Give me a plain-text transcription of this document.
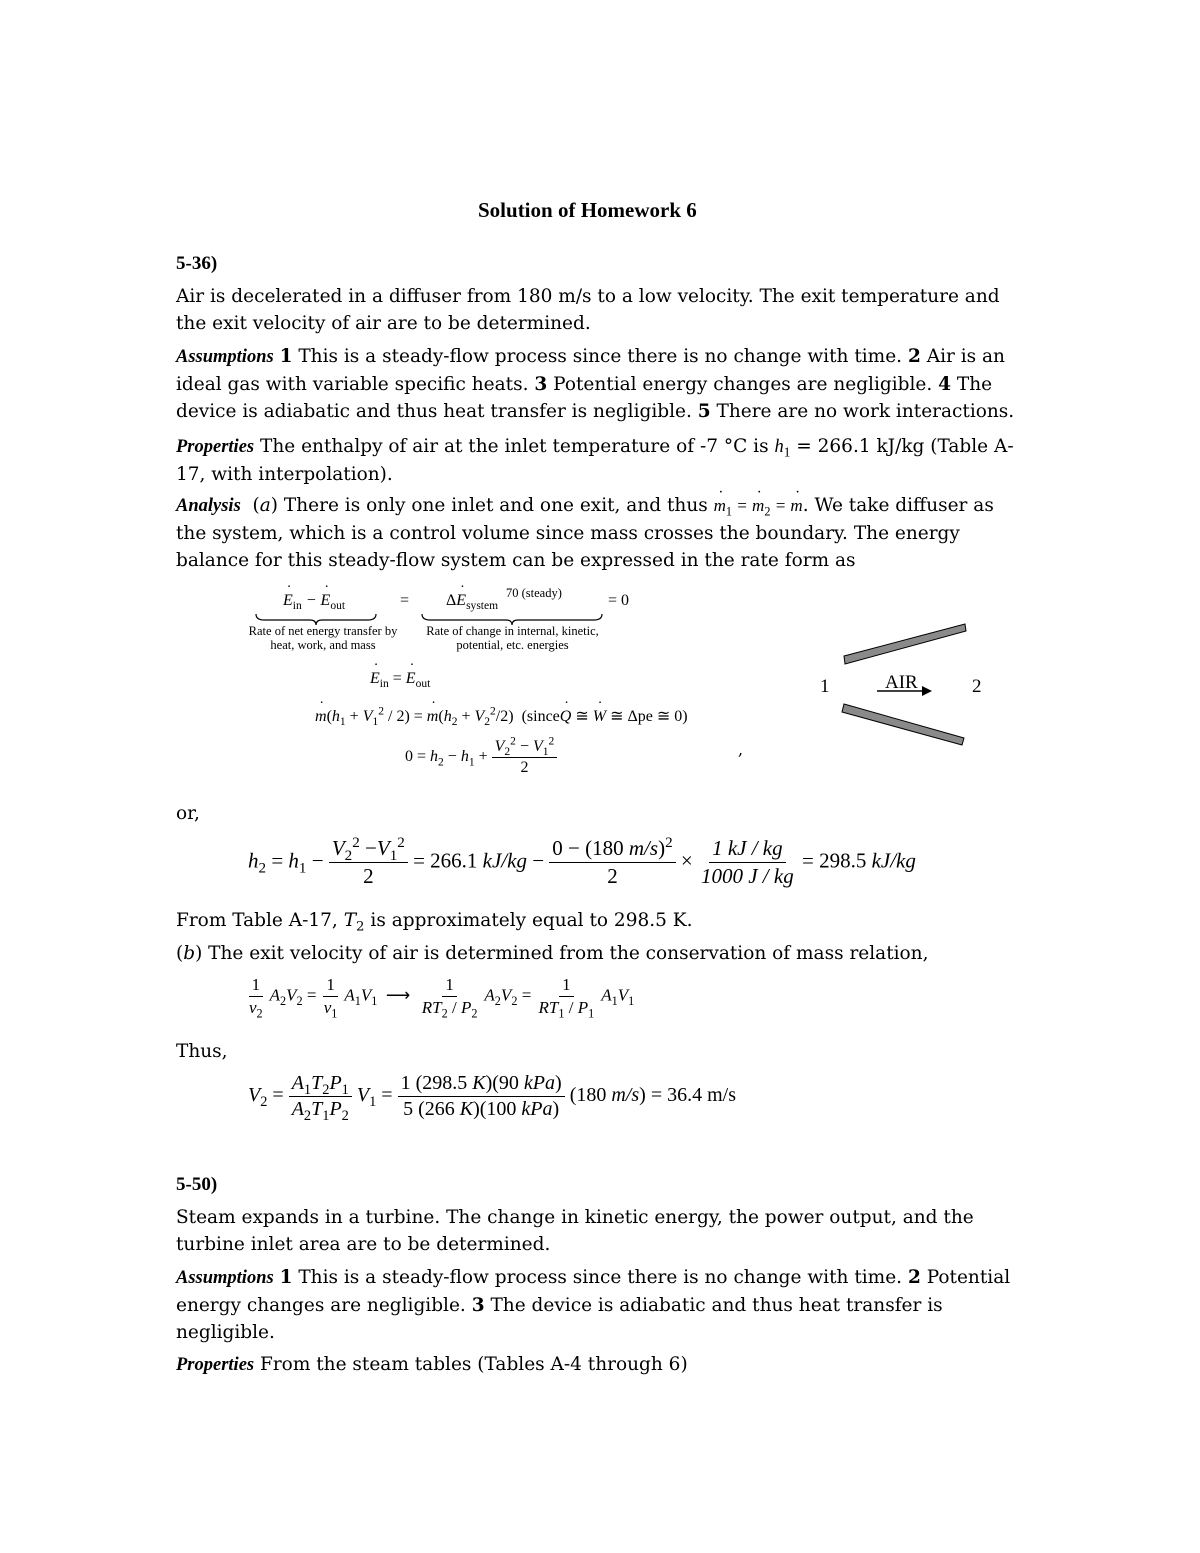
Solution of Homework 6
5-36)
Air is decelerated in a diffuser from 180 m/s to a low velocity. The exit temperature and the exit velocity of air are to be determined.
Assumptions 1 This is a steady-flow process since there is no change with time. 2 Air is an ideal gas with variable specific heats. 3 Potential energy changes are negligible. 4 The device is adiabatic and thus heat transfer is negligible. 5 There are no work interactions.
Properties The enthalpy of air at the inlet temperature of -7 °C is $h_1 = 266.1$ kJ/kg (Table A-17, with interpolation).
Analysis (a) There is only one inlet and one exit, and thus ˙ $m_1$ = ˙ $m_2$ = ˙ m. We take diffuser as the system, which is a control volume since mass crosses the boundary. The energy balance for this steady-flow system can be expressed in the rate form as
˙ $E_{in}$ − ˙ $E_{out}$
Rate of net energy transfer by heat, work, and mass
= Δ˙ $E_{system}$
70 (steady)
Rate of change in internal, kinetic, potential, etc. energies
= 0
˙ $E_{in}$ = ˙ $E_{out}$
˙ $m(h_1 + V_1^2 / 2)$ = ˙ $m(h_2 + V_2^2/2)$ (since˙ Q ≅ ˙ W ≅ Δpe ≅ 0)
$0 = h_2 - h_1 + \frac{V_2^2 - V_1^2}{2}$
1	AIR	2
,
or,
$h_2 = h_1 - \frac{V_2^2 -V_1^2}{2} = 266.1$ $kJ/kg - \frac{0 - (180 m/s)^2}{2} \times \frac{1 kJ / kg}{1000 J / kg} = 298.5$ kJ/kg
From Table A-17, $T_2$ is approximately equal to 298.5 K.
(b) The exit velocity of air is determined from the conservation of mass relation,
$\frac{1}{v_2} A_2V_2 = \frac{1}{v_1} A_1V_1$  ⟶ $\frac{1}{RT_2 / P_2} A_2V_2 = \frac{1}{RT_1 / P_1} A_1V_1$
Thus,
$V_2 = \frac{A_1T_2P_1}{A_2T_1P_2} V_1 = \frac{\text{1 (298.5 K)(90 kPa)}}{\text{5 (266 K)(100 kPa)}} (180$ m/s) = 36.4 m/s
5-50)
Steam expands in a turbine. The change in kinetic energy, the power output, and the turbine inlet area are to be determined.
Assumptions 1 This is a steady-flow process since there is no change with time. 2 Potential energy changes are negligible. 3 The device is adiabatic and thus heat transfer is negligible.
Properties From the steam tables (Tables A-4 through 6)
